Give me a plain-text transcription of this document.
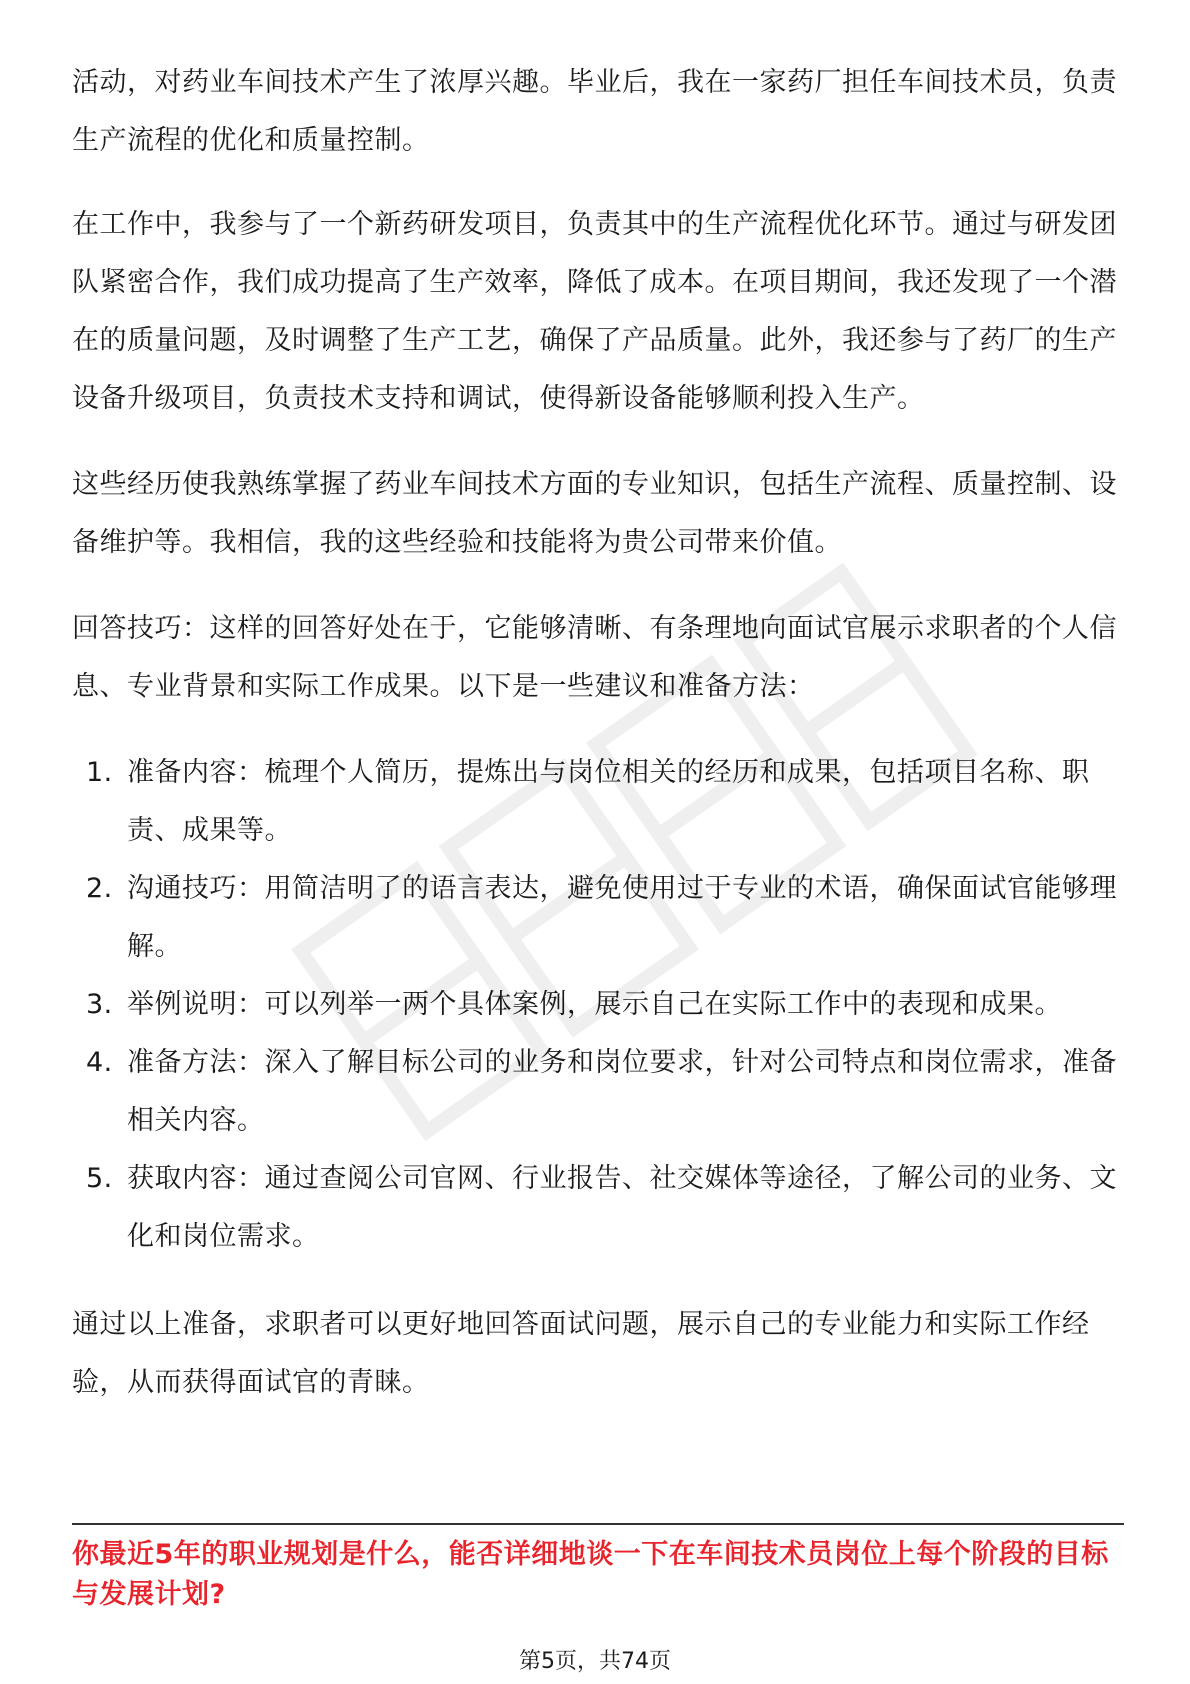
活动，对药业车间技术产生了浓厚兴趣。毕业后，我在一家药厂担任车间技术员，负责生产流程的优化和质量控制。

在工作中，我参与了一个新药研发项目，负责其中的生产流程优化环节。通过与研发团队紧密合作，我们成功提高了生产效率，降低了成本。在项目期间，我还发现了一个潜在的质量问题，及时调整了生产工艺，确保了产品质量。此外，我还参与了药厂的生产设备升级项目，负责技术支持和调试，使得新设备能够顺利投入生产。

这些经历使我熟练掌握了药业车间技术方面的专业知识，包括生产流程、质量控制、设备维护等。我相信，我的这些经验和技能将为贵公司带来价值。

回答技巧：这样的回答好处在于，它能够清晰、有条理地向面试官展示求职者的个人信息、专业背景和实际工作成果。以下是一些建议和准备方法：

1. 准备内容：梳理个人简历，提炼出与岗位相关的经历和成果，包括项目名称、职责、成果等。
2. 沟通技巧：用简洁明了的语言表达，避免使用过于专业的术语，确保面试官能够理解。
3. 举例说明：可以列举一两个具体案例，展示自己在实际工作中的表现和成果。
4. 准备方法：深入了解目标公司的业务和岗位要求，针对公司特点和岗位需求，准备相关内容。
5. 获取内容：通过查阅公司官网、行业报告、社交媒体等途径，了解公司的业务、文化和岗位需求。

通过以上准备，求职者可以更好地回答面试问题，展示自己的专业能力和实际工作经验，从而获得面试官的青睐。

你最近5年的职业规划是什么，能否详细地谈一下在车间技术员岗位上每个阶段的目标与发展计划?
第5页，共74页
